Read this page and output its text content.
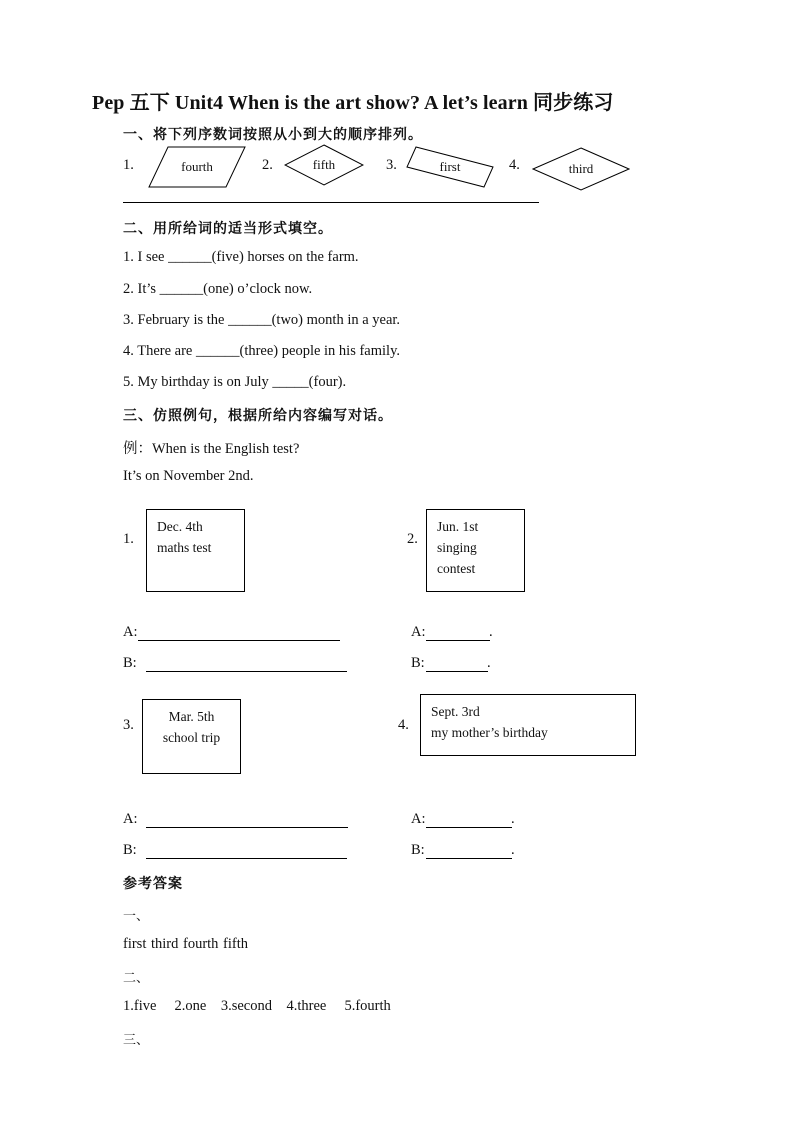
Pep 五下 Unit4 When is the art show? A let’s learn 同步练习
一、将下列序数词按照从小到大的顺序排列。
1.	fourth	2.	fifth	3.	first	4.	third
二、用所给词的适当形式填空。
1. I see ______(five) horses on the farm.
2. It’s ______(one) o’clock now.
3. February is the ______(two) month in a year.
4. There are ______(three) people in his family.
5. My birthday is on July _____(four).
三、仿照例句，根据所给内容编写对话。
例：When is the English test?
It’s on November 2nd.
1.
Dec. 4th
maths test
2.
Jun. 1st
singing
contest
A:	A:	.
B:	B:	.
3.
Mar. 5th
school trip
4.
Sept. 3rd
my mother’s birthday
A:	A:	.
B:	B:	.
参考答案
一、
first third fourth fifth
二、
1.five     2.one    3.second    4.three     5.fourth
三、
